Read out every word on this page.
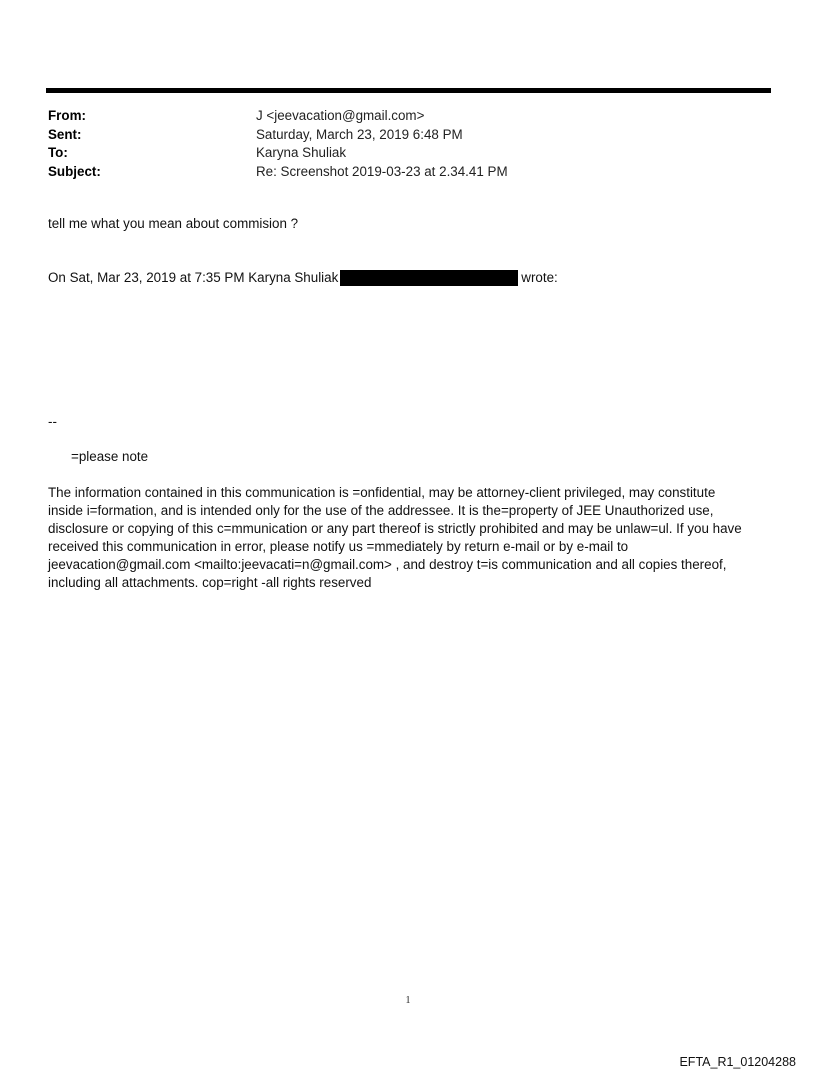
From:	J <jeevacation@gmail.com>
Sent:	Saturday, March 23, 2019 6:48 PM
To:	Karyna Shuliak
Subject:	Re: Screenshot 2019-03-23 at 2.34.41 PM
tell me what you mean about commision ?
On Sat, Mar 23, 2019 at 7:35 PM Karyna Shuliak	wrote:
--
=please note
The information contained in this communication is =onfidential, may be attorney-client privileged, may constitute
inside i=formation, and is intended only for the use of the addressee. It is the=property of JEE Unauthorized use,
disclosure or copying of this c=mmunication or any part thereof is strictly prohibited and may be unlaw=ul. If you have
received this communication in error, please notify us =mmediately by return e-mail or by e-mail to
jeevacation@gmail.com <mailto:jeevacati=n@gmail.com> , and destroy t=is communication and all copies thereof,
including all attachments. cop=right -all rights reserved
1
EFTA_R1_01204288
